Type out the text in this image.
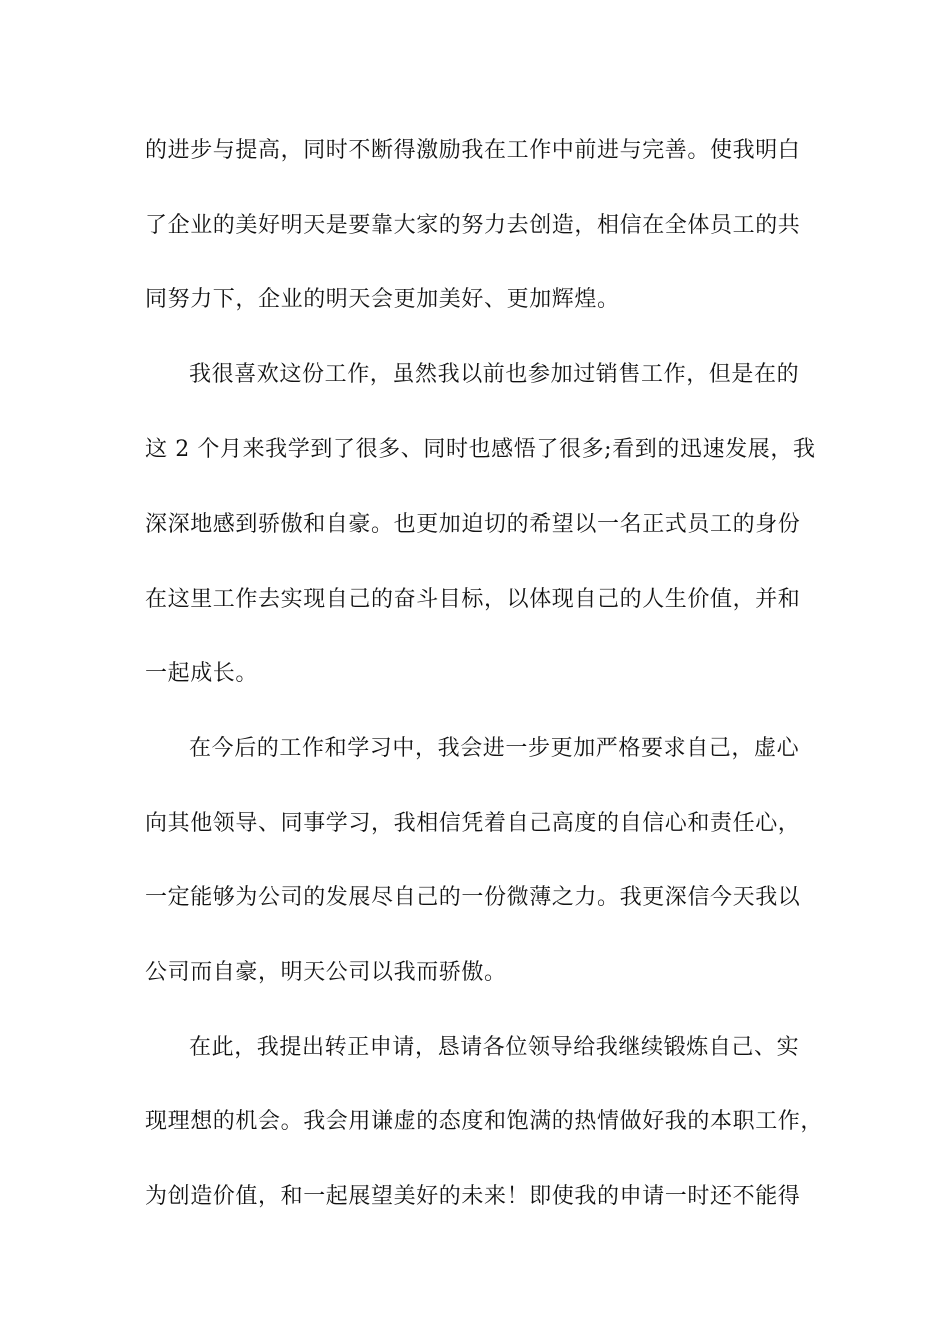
的进步与提高，同时不断得激励我在工作中前进与完善。使我明白
了企业的美好明天是要靠大家的努力去创造，相信在全体员工的共
同努力下，企业的明天会更加美好、更加辉煌。
我很喜欢这份工作，虽然我以前也参加过销售工作，但是在的
这 2 个月来我学到了很多、同时也感悟了很多;看到的迅速发展，我
深深地感到骄傲和自豪。也更加迫切的希望以一名正式员工的身份
在这里工作去实现自己的奋斗目标，以体现自己的人生价值，并和
一起成长。
在今后的工作和学习中，我会进一步更加严格要求自己，虚心
向其他领导、同事学习，我相信凭着自己高度的自信心和责任心，
一定能够为公司的发展尽自己的一份微薄之力。我更深信今天我以
公司而自豪，明天公司以我而骄傲。
在此，我提出转正申请，恳请各位领导给我继续锻炼自己、实
现理想的机会。我会用谦虚的态度和饱满的热情做好我的本职工作，
为创造价值，和一起展望美好的未来！即使我的申请一时还不能得
